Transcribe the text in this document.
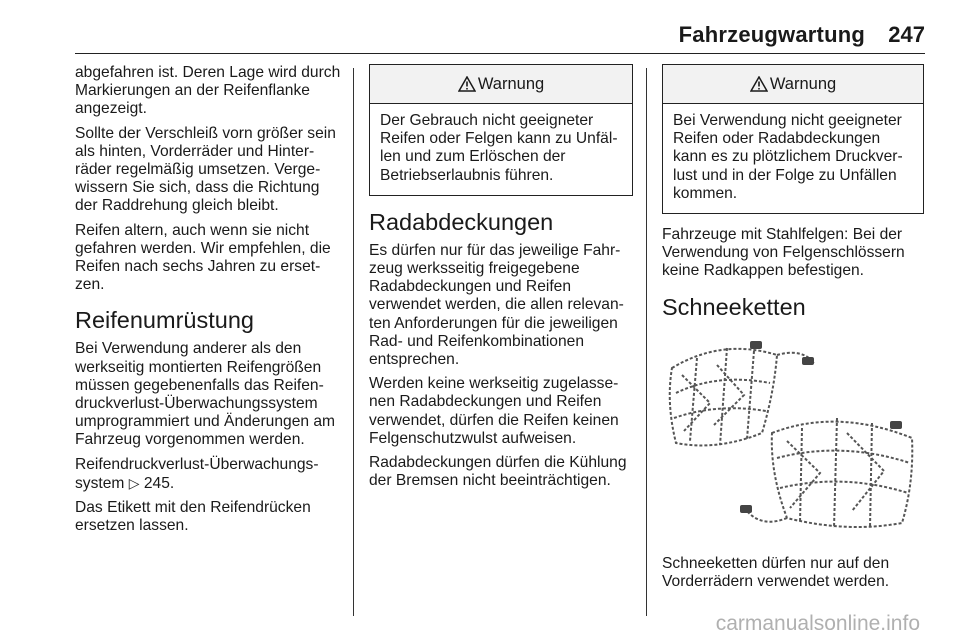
Fahrzeugwartung 247

abgefahren ist. Deren Lage wird durch Markierungen an der Reifenflanke angezeigt.

Sollte der Verschleiß vorn größer sein als hinten, Vorderräder und Hinterräder regelmäßig umsetzen. Vergewissern Sie sich, dass die Richtung der Raddrehung gleich bleibt.

Reifen altern, auch wenn sie nicht gefahren werden. Wir empfehlen, die Reifen nach sechs Jahren zu ersetzen.

Reifenumrüstung

Bei Verwendung anderer als den werkseitig montierten Reifengrößen müssen gegebenenfalls das Reifendruckverlust-Überwachungssystem umprogrammiert und Änderungen am Fahrzeug vorgenommen werden.

Reifendruckverlust-Überwachungssystem ▷ 245.

Das Etikett mit den Reifendrücken ersetzen lassen.

Warnung
Der Gebrauch nicht geeigneter Reifen oder Felgen kann zu Unfällen und zum Erlöschen der Betriebserlaubnis führen.
Radabdeckungen

Es dürfen nur für das jeweilige Fahrzeug werksseitig freigegebene Radabdeckungen und Reifen verwendet werden, die allen relevanten Anforderungen für die jeweiligen Rad- und Reifenkombinationen entsprechen.

Werden keine werkseitig zugelassenen Radabdeckungen und Reifen verwendet, dürfen die Reifen keinen Felgenschutzwulst aufweisen.

Radabdeckungen dürfen die Kühlung der Bremsen nicht beeinträchtigen.

Warnung
Bei Verwendung nicht geeigneter Reifen oder Radabdeckungen kann es zu plötzlichem Druckverlust und in der Folge zu Unfällen kommen.

Fahrzeuge mit Stahlfelgen: Bei der Verwendung von Felgenschlössern keine Radkappen befestigen.

Schneeketten

Schneeketten dürfen nur auf den Vorderrädern verwendet werden.

carmanualsonline.info
